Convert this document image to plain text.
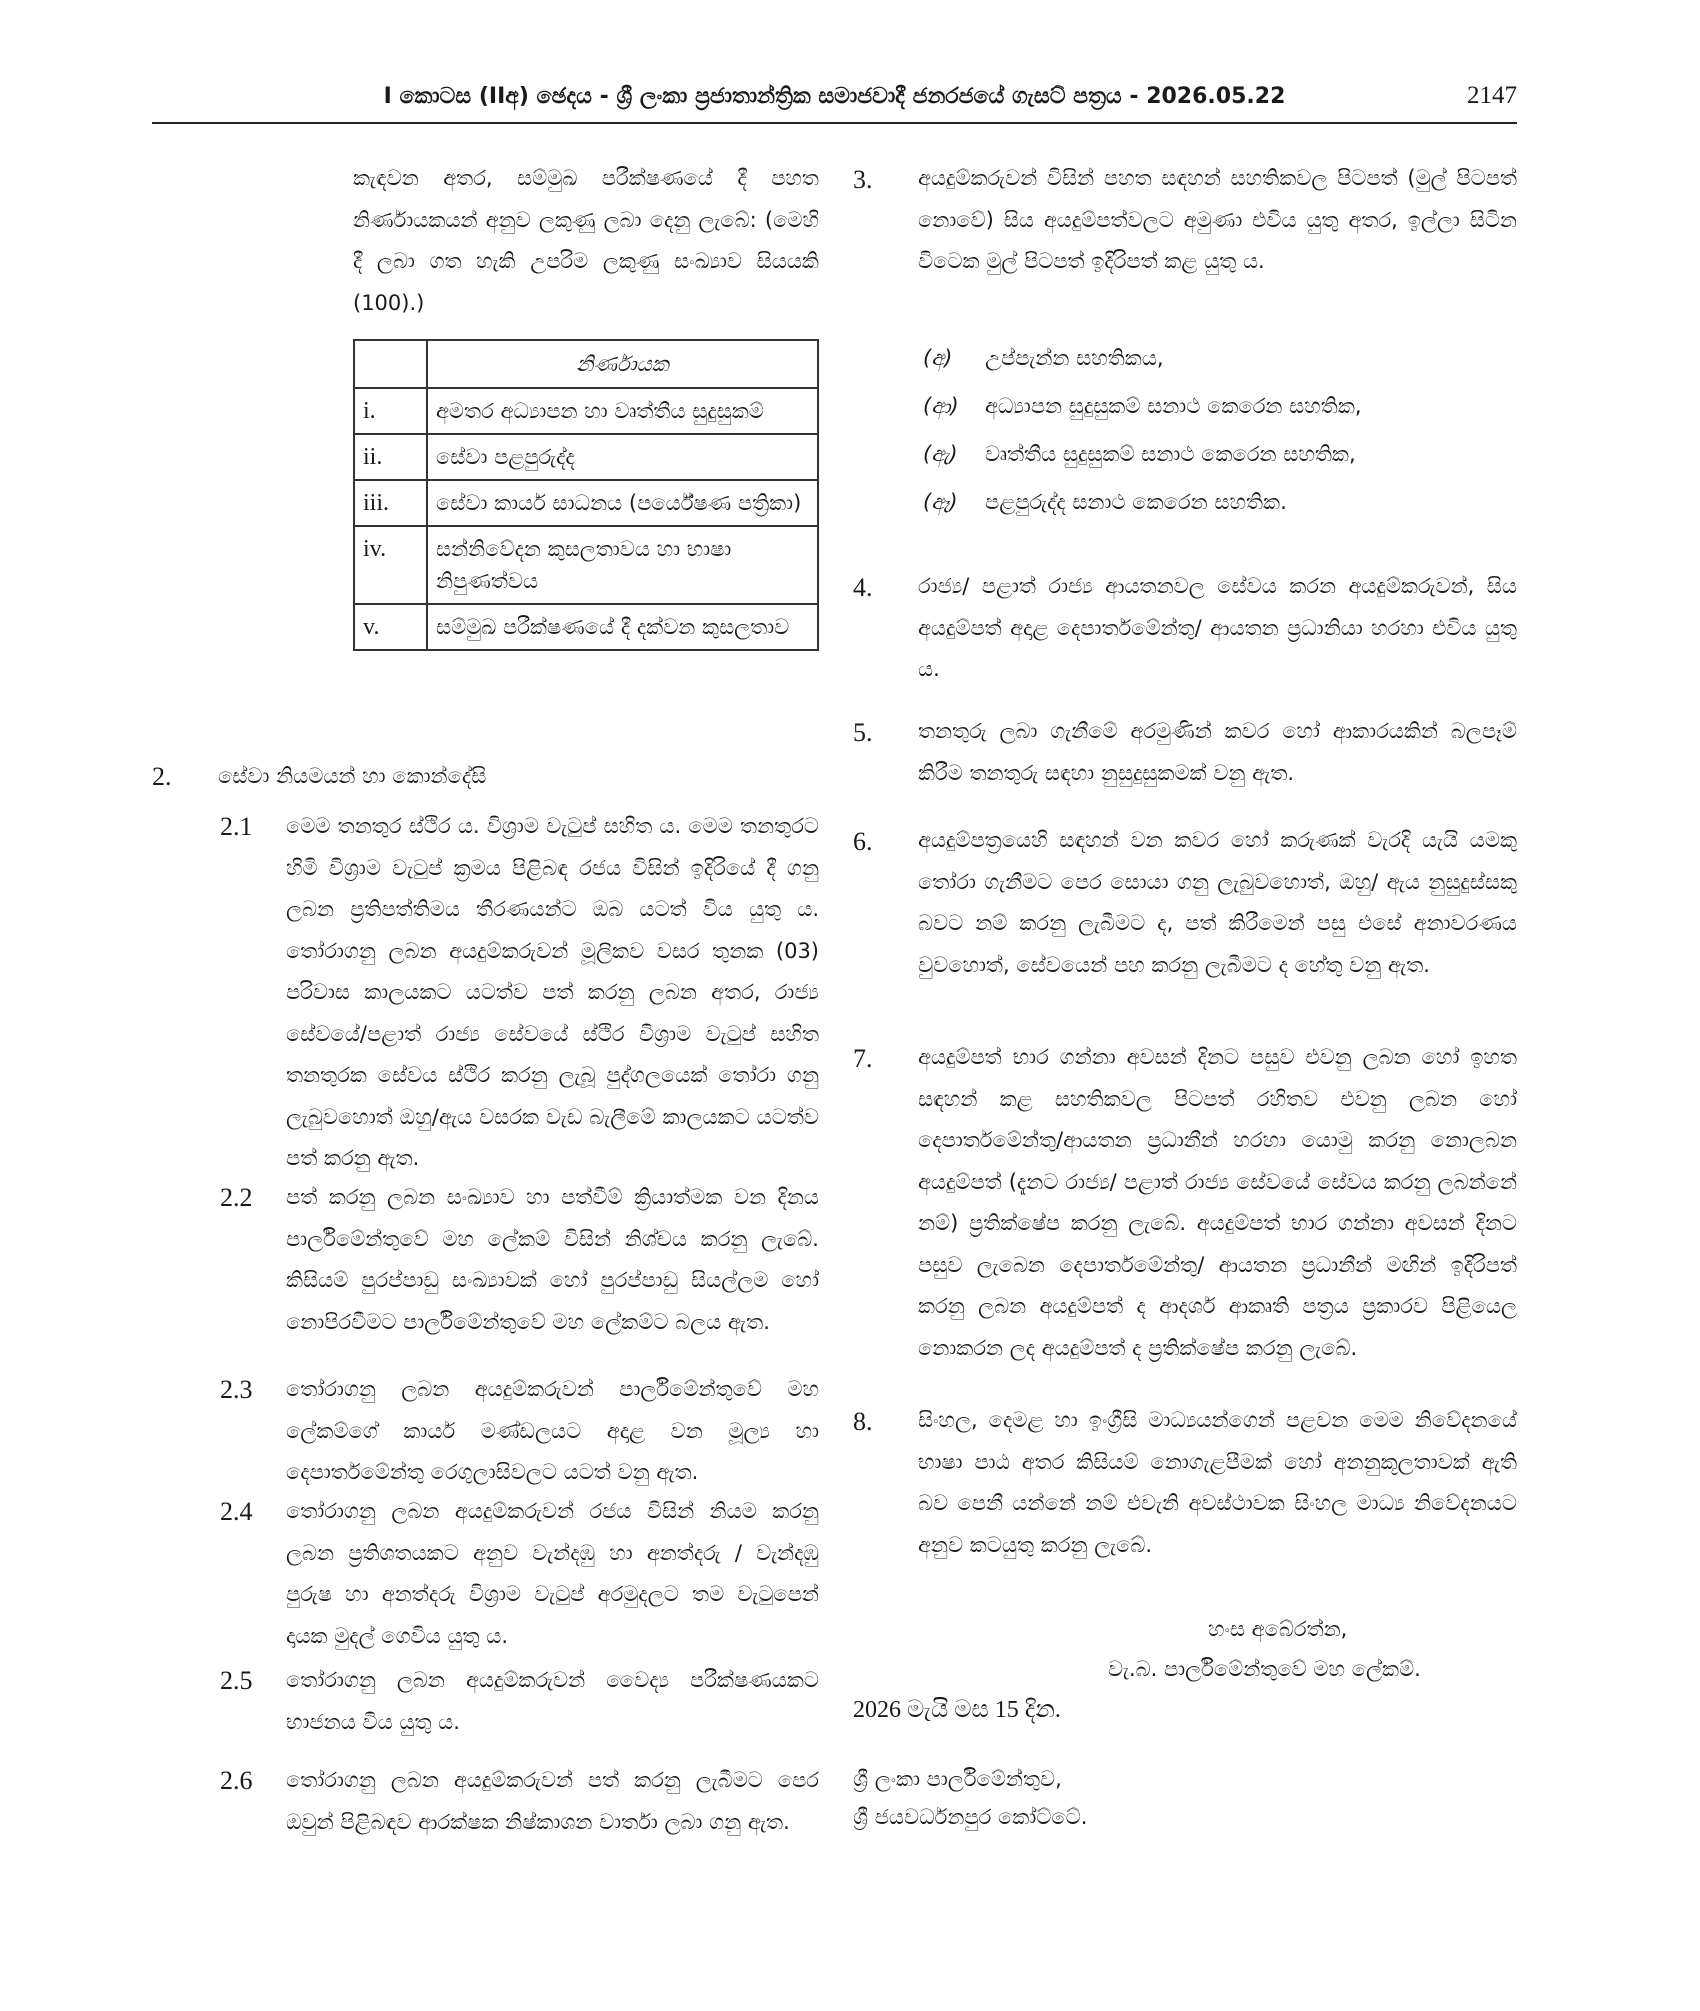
I කොටස (IIඅ) ඡෙදය - ශ්‍රී ලංකා ප්‍රජාතාන්ත්‍රික සමාජවාදී ජනරජයේ ගැසට් පත්‍රය - 2026.05.22	2147
කැඳවන අතර, සම්මුඛ පරීක්ෂණයේ දී පහත නිර්ණායකයන් අනුව ලකුණු ලබා දෙනු ලැබේ: (මෙහි දී ලබා ගත හැකි උපරිම ලකුණු සංඛ්‍යාව සියයකි (100).)
	නිර්ණායක
i.	අමතර අධ්‍යාපන හා වෘත්තීය සුදුසුකම්
ii.	සේවා පළපුරුද්ද
iii.	සේවා කාර්ය සාධනය (පර්යේෂණ පත්‍රිකා)
iv.	සන්නිවේදන කුසලතාවය හා භාෂා නිපුණත්වය
v.	සම්මුඛ පරීක්ෂණයේ දී දක්වන කුසලතාව
2. සේවා නියමයන් හා කොන්දේසි
2.1 මෙම තනතුර ස්ථිර ය. විශ්‍රාම වැටුප් සහිත ය. මෙම තනතුරට හිමි විශ්‍රාම වැටුප් ක්‍රමය පිළිබඳ රජය විසින් ඉදිරියේ දී ගනු ලබන ප්‍රතිපත්තිමය තීරණයන්ට ඔබ යටත් විය යුතු ය. තෝරාගනු ලබන අයදුම්කරුවන් මූලිකව වසර තුනක (03) පරිවාස කාලයකට යටත්ව පත් කරනු ලබන අතර, රාජ්‍ය සේවයේ/පළාත් රාජ්‍ය සේවයේ ස්ථිර විශ්‍රාම වැටුප් සහිත තනතුරක සේවය ස්ථිර කරනු ලැබූ පුද්ගලයෙක් තෝරා ගනු ලැබුවහොත් ඔහු/ඇය වසරක වැඩ බැලීමේ කාලයකට යටත්ව පත් කරනු ඇත.
2.2 පත් කරනු ලබන සංඛ්‍යාව හා පත්වීම් ක්‍රියාත්මක වන දිනය පාර්ලිමේන්තුවේ මහ ලේකම් විසින් නිශ්චය කරනු ලැබේ. කිසියම් පුරප්පාඩු සංඛ්‍යාවක් හෝ පුරප්පාඩු සියල්ලම හෝ නොපිරවීමට පාර්ලිමේන්තුවේ මහ ලේකම්ට බලය ඇත.
2.3 තෝරාගනු ලබන අයදුම්කරුවන් පාර්ලිමේන්තුවේ මහ ලේකම්ගේ කාර්ය මණ්ඩලයට අදාළ වන මූල්‍ය හා දෙපාර්තමේන්තු රෙගුලාසිවලට යටත් වනු ඇත.
2.4 තෝරාගනු ලබන අයදුම්කරුවන් රජය විසින් නියම කරනු ලබන ප්‍රතිශතයකට අනුව වැන්දඹු හා අනත්දරු / වැන්දඹු පුරුෂ හා අනත්දරු විශ්‍රාම වැටුප් අරමුදලට තම වැටුපෙන් දායක මුදල් ගෙවිය යුතු ය.
2.5 තෝරාගනු ලබන අයදුම්කරුවන් වෛද්‍ය පරීක්ෂණයකට භාජනය විය යුතු ය.
2.6 තෝරාගනු ලබන අයදුම්කරුවන් පත් කරනු ලැබීමට පෙර ඔවුන් පිළිබඳව ආරක්ෂක නිෂ්කාශන වාර්තා ලබා ගනු ඇත.
3. අයදුම්කරුවන් විසින් පහත සඳහන් සහතිකවල පිටපත් (මුල් පිටපත් නොවේ) සිය අයදුම්පත්වලට අමුණා එවිය යුතු අතර, ඉල්ලා සිටින විටෙක මුල් පිටපත් ඉදිරිපත් කළ යුතු ය.
(අ) උප්පැන්න සහතිකය,
(ආ) අධ්‍යාපන සුදුසුකම් සනාථ කෙරෙන සහතික,
(ඇ) වෘත්තීය සුදුසුකම් සනාථ කෙරෙන සහතික,
(ඈ) පළපුරුද්ද සනාථ කෙරෙන සහතික.
4. රාජ්‍ය/ පළාත් රාජ්‍ය ආයතනවල සේවය කරන අයදුම්කරුවන්, සිය අයදුම්පත් අදාළ දෙපාර්තමේන්තු/ ආයතන ප්‍රධානියා හරහා එවිය යුතු ය.
5. තනතුරු ලබා ගැනීමේ අරමුණින් කවර හෝ ආකාරයකින් බලපෑම් කිරීම තනතුරු සඳහා නුසුදුසුකමක් වනු ඇත.
6. අයදුම්පත්‍රයෙහි සඳහන් වන කවර හෝ කරුණක් වැරදි යැයි යමකු තෝරා ගැනීමට පෙර සොයා ගනු ලැබුවහොත්, ඔහු/ ඇය නුසුදුස්සකු බවට නම් කරනු ලැබීමට ද, පත් කිරීමෙන් පසු එසේ අනාවරණය වුවහොත්, සේවයෙන් පහ කරනු ලැබීමට ද හේතු වනු ඇත.
7. අයදුම්පත් භාර ගන්නා අවසන් දිනට පසුව එවනු ලබන හෝ ඉහත සඳහන් කළ සහතිකවල පිටපත් රහිතව එවනු ලබන හෝ දෙපාර්තමේන්තු/ආයතන ප්‍රධානීන් හරහා යොමු කරනු නොලබන අයදුම්පත් (දැනට රාජ්‍ය/ පළාත් රාජ්‍ය සේවයේ සේවය කරනු ලබන්නේ නම්) ප්‍රතික්ෂේප කරනු ලැබේ. අයදුම්පත් භාර ගන්නා අවසන් දිනට පසුව ලැබෙන දෙපාර්තමේන්තු/ ආයතන ප්‍රධානීන් මඟින් ඉදිරිපත් කරනු ලබන අයදුම්පත් ද ආදර්ශ ආකෘති පත්‍රය ප්‍රකාරව පිළියෙල නොකරන ලද අයදුම්පත් ද ප්‍රතික්ෂේප කරනු ලැබේ.
8. සිංහල, දෙමළ හා ඉංග්‍රීසි මාධ්‍යයන්ගෙන් පළවන මෙම නිවේදනයේ භාෂා පාඨ අතර කිසියම් නොගැළපීමක් හෝ අනනුකූලතාවක් ඇති බව පෙනී යන්නේ නම් එවැනි අවස්ථාවක සිංහල මාධ්‍ය නිවේදනයට අනුව කටයුතු කරනු ලැබේ.
හංස අබේරත්න,
වැ.බ. පාර්ලිමේන්තුවේ මහ ලේකම්.
2026 මැයි මස 15 දින.
ශ්‍රී ලංකා පාර්ලිමේන්තුව,
ශ්‍රී ජයවර්ධනපුර කෝට්ටේ.
